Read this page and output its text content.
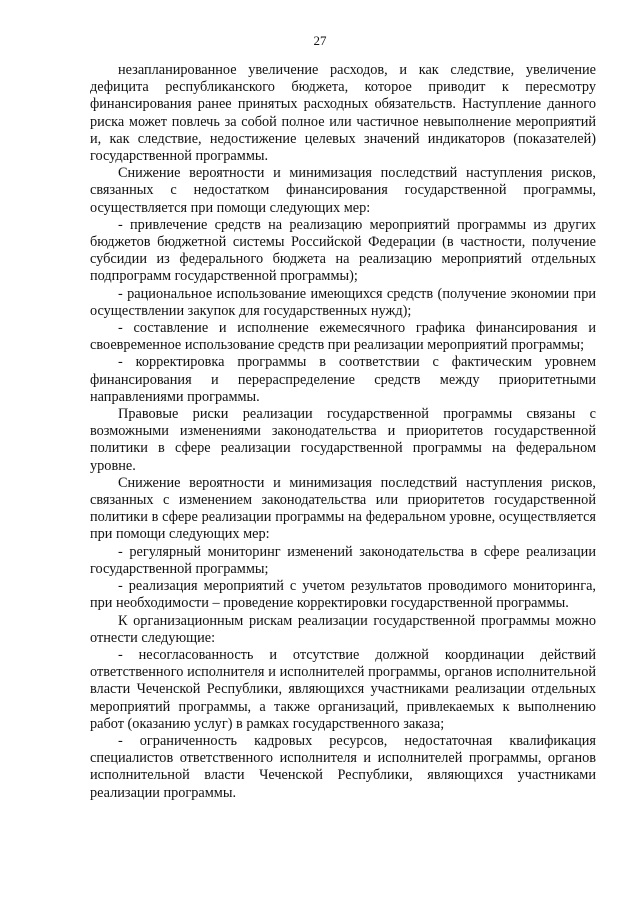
27

незапланированное увеличение расходов, и как следствие, увеличение дефицита республиканского бюджета, которое приводит к пересмотру финансирования ранее принятых расходных обязательств. Наступление данного риска может повлечь за собой полное или частичное невыполнение мероприятий и, как следствие, недостижение целевых значений индикаторов (показателей) государственной программы.

Снижение вероятности и минимизация последствий наступления рисков, связанных с недостатком финансирования государственной программы, осуществляется при помощи следующих мер:

- привлечение средств на реализацию мероприятий программы из других бюджетов бюджетной системы Российской Федерации (в частности, получение субсидии из федерального бюджета на реализацию мероприятий отдельных подпрограмм государственной программы);

- рациональное использование имеющихся средств (получение экономии при осуществлении закупок для государственных нужд);

- составление и исполнение ежемесячного графика финансирования и своевременное использование средств при реализации мероприятий программы;

- корректировка программы в соответствии с фактическим уровнем финансирования и перераспределение средств между приоритетными направлениями программы.

Правовые риски реализации государственной программы связаны с возможными изменениями законодательства и приоритетов государственной политики в сфере реализации государственной программы на федеральном уровне.

Снижение вероятности и минимизация последствий наступления рисков, связанных с изменением законодательства или приоритетов государственной политики в сфере реализации программы на федеральном уровне, осуществляется при помощи следующих мер:

- регулярный мониторинг изменений законодательства в сфере реализации государственной программы;

- реализация мероприятий с учетом результатов проводимого мониторинга, при необходимости – проведение корректировки государственной программы.

К организационным рискам реализации государственной программы можно отнести следующие:

- несогласованность и отсутствие должной координации действий ответственного исполнителя и исполнителей программы, органов исполнительной власти Чеченской Республики, являющихся участниками реализации отдельных мероприятий программы, а также организаций, привлекаемых к выполнению работ (оказанию услуг) в рамках государственного заказа;

- ограниченность кадровых ресурсов, недостаточная квалификация специалистов ответственного исполнителя и исполнителей программы, органов исполнительной власти Чеченской Республики, являющихся участниками реализации программы.
